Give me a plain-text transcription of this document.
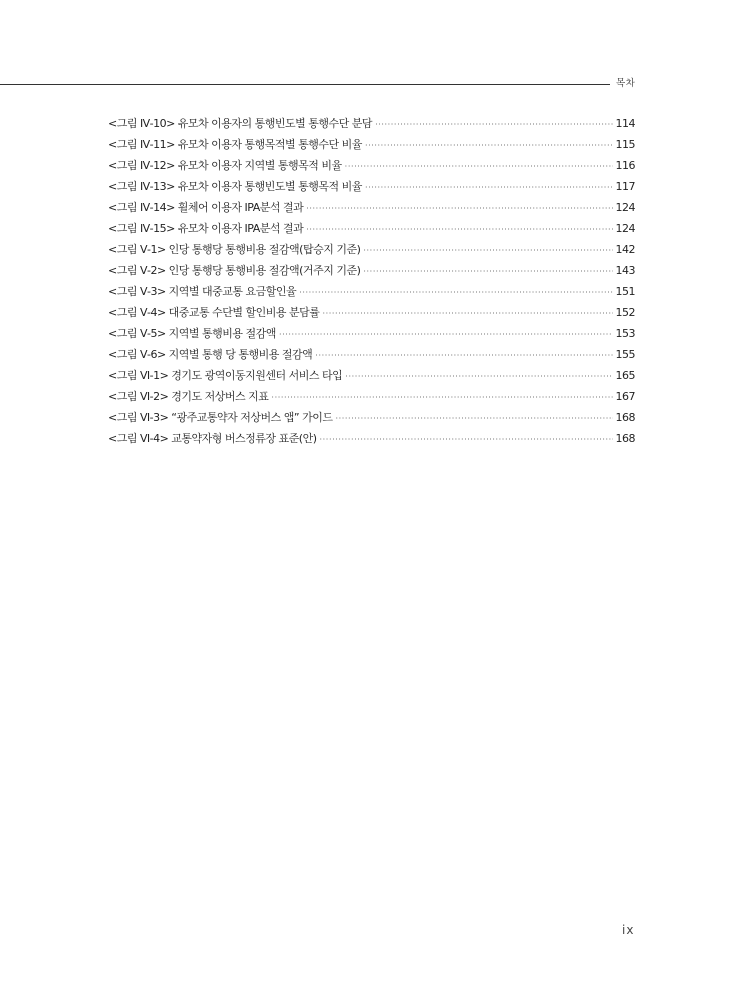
목차
<그림 Ⅳ-10> 유모차 이용자의 통행빈도별 통행수단 분담 ·····	114
<그림 Ⅳ-11> 유모차 이용자 통행목적별 통행수단 비율 ·····	115
<그림 Ⅳ-12> 유모차 이용자 지역별 통행목적 비율 ·····	116
<그림 Ⅳ-13> 유모차 이용자 통행빈도별 통행목적 비율 ·····	117
<그림 Ⅳ-14> 휠체어 이용자 IPA분석 결과 ·····	124
<그림 Ⅳ-15> 유모차 이용자 IPA분석 결과 ·····	124
<그림 Ⅴ-1> 인당 통행당 통행비용 절감액(탑승지 기준) ·····	142
<그림 Ⅴ-2> 인당 통행당 통행비용 절감액(거주지 기준) ·····	143
<그림 Ⅴ-3> 지역별 대중교통 요금할인율 ·····	151
<그림 Ⅴ-4> 대중교통 수단별 할인비용 분담률 ·····	152
<그림 Ⅴ-5> 지역별 통행비용 절감액 ·····	153
<그림 Ⅴ-6> 지역별 통행 당 통행비용 절감액 ·····	155
<그림 Ⅵ-1> 경기도 광역이동지원센터 서비스 타입 ·····	165
<그림 Ⅵ-2> 경기도 저상버스 지표 ·····	167
<그림 Ⅵ-3> “광주교통약자 저상버스 앱” 가이드 ·····	168
<그림 Ⅵ-4> 교통약자형 버스정류장 표준(안) ·····	168
ix
